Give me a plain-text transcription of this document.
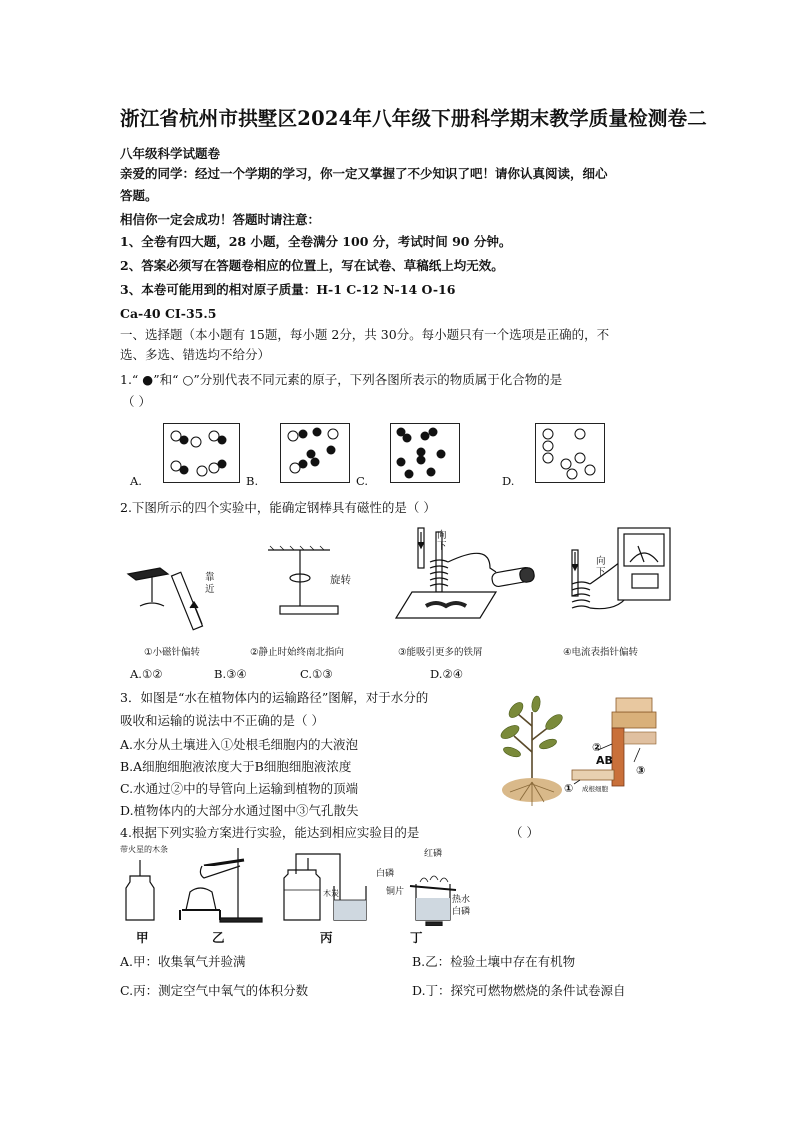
浙江省杭州市拱墅区2024年八年级下册科学期末教学质量检测卷二
八年级科学试题卷
亲爱的同学：经过一个学期的学习，你一定又掌握了不少知识了吧！请你认真阅读，细心
答题。
相信你一定会成功！答题时请注意：
1、全卷有四大题，28 小题，全卷满分 100 分，考试时间 90 分钟。
2、答案必须写在答题卷相应的位置上，写在试卷、草稿纸上均无效。
3、本卷可能用到的相对原子质量：H-1 C-12 N-14 O-16
Ca-40 CI-35.5
一、选择题（本小题有 15题，每小题 2分，共 30分。每小题只有一个选项是正确的，不
选、多选、错选均不给分）
1.“ ●”和“ ○”分别代表不同元素的原子，下列各图所表示的物质属于化合物的是
（ ）
A.	B.	C.	D.
2.下图所示的四个实验中，能确定钢棒具有磁性的是（ ）
靠
近
旋转
向
下
向
下
①小磁针偏转	②静止时始终南北指向	③能吸引更多的铁屑	④电流表指针偏转
A.①②	B.③④	C.①③	D.②④
3．如图是“水在植物体内的运输路径”图解，对于水分的
吸收和运输的说法中不正确的是（ ）
A.水分从土壤进入①处根毛细胞内的大液泡
B.A细胞细胞液浓度大于B细胞细胞液浓度
C.水通过②中的导管向上运输到植物的顶端
D.植物体内的大部分水通过图中③气孔散失
②
AB
③
① 成根细胞
4.根据下列实验方案进行实验，能达到相应实验目的是	（ ）
带火星的木条	红磷
白磷
铜片
热水
白磷
木炭
甲	乙	丙	丁
A.甲：收集氧气并验满	B.乙：检验土壤中存在有机物
C.丙：测定空气中氧气的体积分数	D.丁：探究可燃物燃烧的条件试卷源自
